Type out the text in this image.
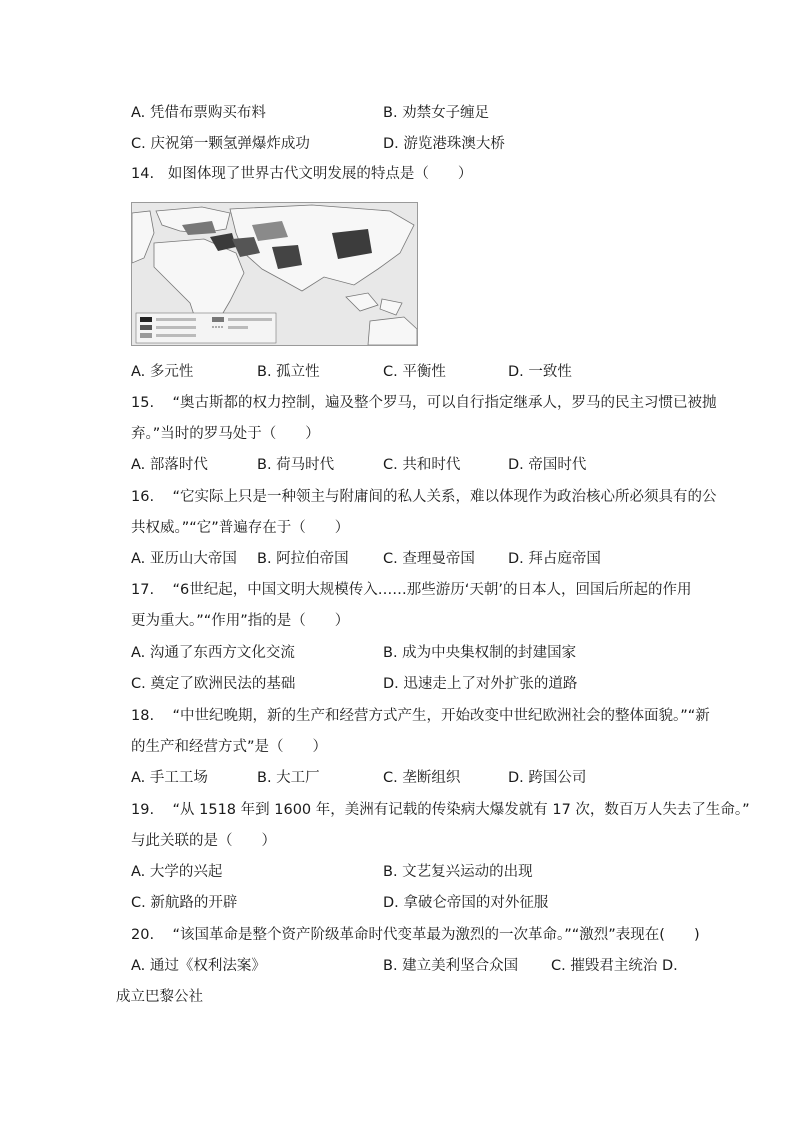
A. 凭借布票购买布料	B. 劝禁女子缠足
C. 庆祝第一颗氢弹爆炸成功	D. 游览港珠澳大桥
14. 如图体现了世界古代文明发展的特点是（　　）
A. 多元性	B. 孤立性	C. 平衡性	D. 一致性
15. “奥古斯都的权力控制，遍及整个罗马，可以自行指定继承人，罗马的民主习惯已被抛
弃。”当时的罗马处于（　　）
A. 部落时代	B. 荷马时代	C. 共和时代	D. 帝国时代
16. “它实际上只是一种领主与附庸间的私人关系，难以体现作为政治核心所必须具有的公
共权威。”“它”普遍存在于（　　）
A. 亚历山大帝国 B. 阿拉伯帝国 C. 查理曼帝国 D. 拜占庭帝国
17. “6世纪起，中国文明大规模传入……那些游历‘天朝’的日本人，回国后所起的作用
更为重大。”“作用”指的是（　　）
A. 沟通了东西方文化交流	B. 成为中央集权制的封建国家
C. 奠定了欧洲民法的基础	D. 迅速走上了对外扩张的道路
18. “中世纪晚期，新的生产和经营方式产生，开始改变中世纪欧洲社会的整体面貌。”“新
的生产和经营方式”是（　　）
A. 手工工场	B. 大工厂	C. 垄断组织	D. 跨国公司
19. “从 1518 年到 1600 年，美洲有记载的传染病大爆发就有 17 次，数百万人失去了生命。”
与此关联的是（　　）
A. 大学的兴起	B. 文艺复兴运动的出现
C. 新航路的开辟	D. 拿破仑帝国的对外征服
20. “该国革命是整个资产阶级革命时代变革最为激烈的一次革命。”“激烈”表现在(　　)
A. 通过《权利法案》	B. 建立美利坚合众国 C. 摧毁君主统治 D.
成立巴黎公社
